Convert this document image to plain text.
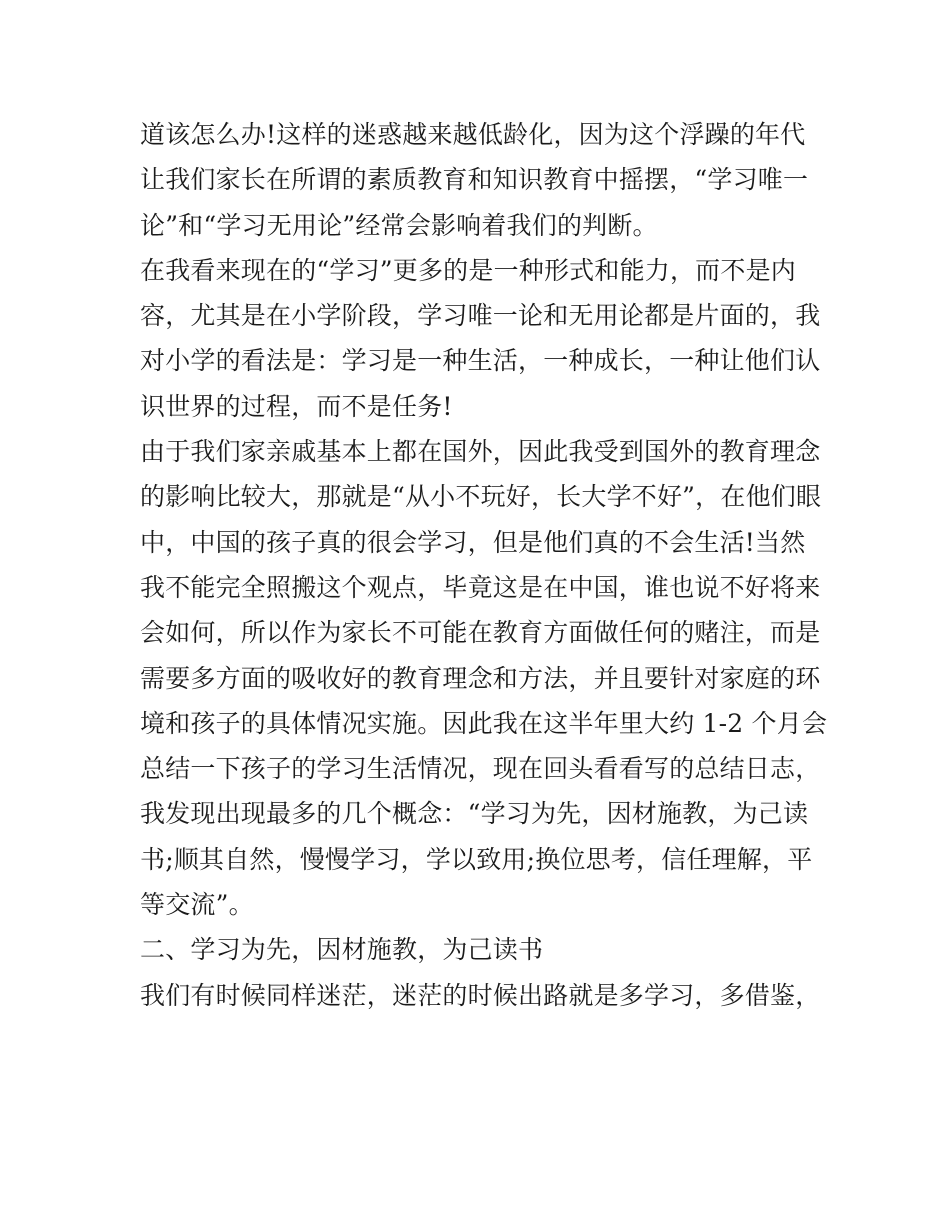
道该怎么办!这样的迷惑越来越低龄化，因为这个浮躁的年代
让我们家长在所谓的素质教育和知识教育中摇摆，“学习唯一
论”和“学习无用论”经常会影响着我们的判断。
在我看来现在的“学习”更多的是一种形式和能力，而不是内
容，尤其是在小学阶段，学习唯一论和无用论都是片面的，我
对小学的看法是：学习是一种生活，一种成长，一种让他们认
识世界的过程，而不是任务!
由于我们家亲戚基本上都在国外，因此我受到国外的教育理念
的影响比较大，那就是“从小不玩好，长大学不好”，在他们眼
中，中国的孩子真的很会学习，但是他们真的不会生活!当然
我不能完全照搬这个观点，毕竟这是在中国，谁也说不好将来
会如何，所以作为家长不可能在教育方面做任何的赌注，而是
需要多方面的吸收好的教育理念和方法，并且要针对家庭的环
境和孩子的具体情况实施。因此我在这半年里大约 1-2 个月会
总结一下孩子的学习生活情况，现在回头看看写的总结日志，
我发现出现最多的几个概念：“学习为先，因材施教，为己读
书;顺其自然，慢慢学习，学以致用;换位思考，信任理解，平
等交流”。
二、学习为先，因材施教，为己读书
我们有时候同样迷茫，迷茫的时候出路就是多学习，多借鉴，
